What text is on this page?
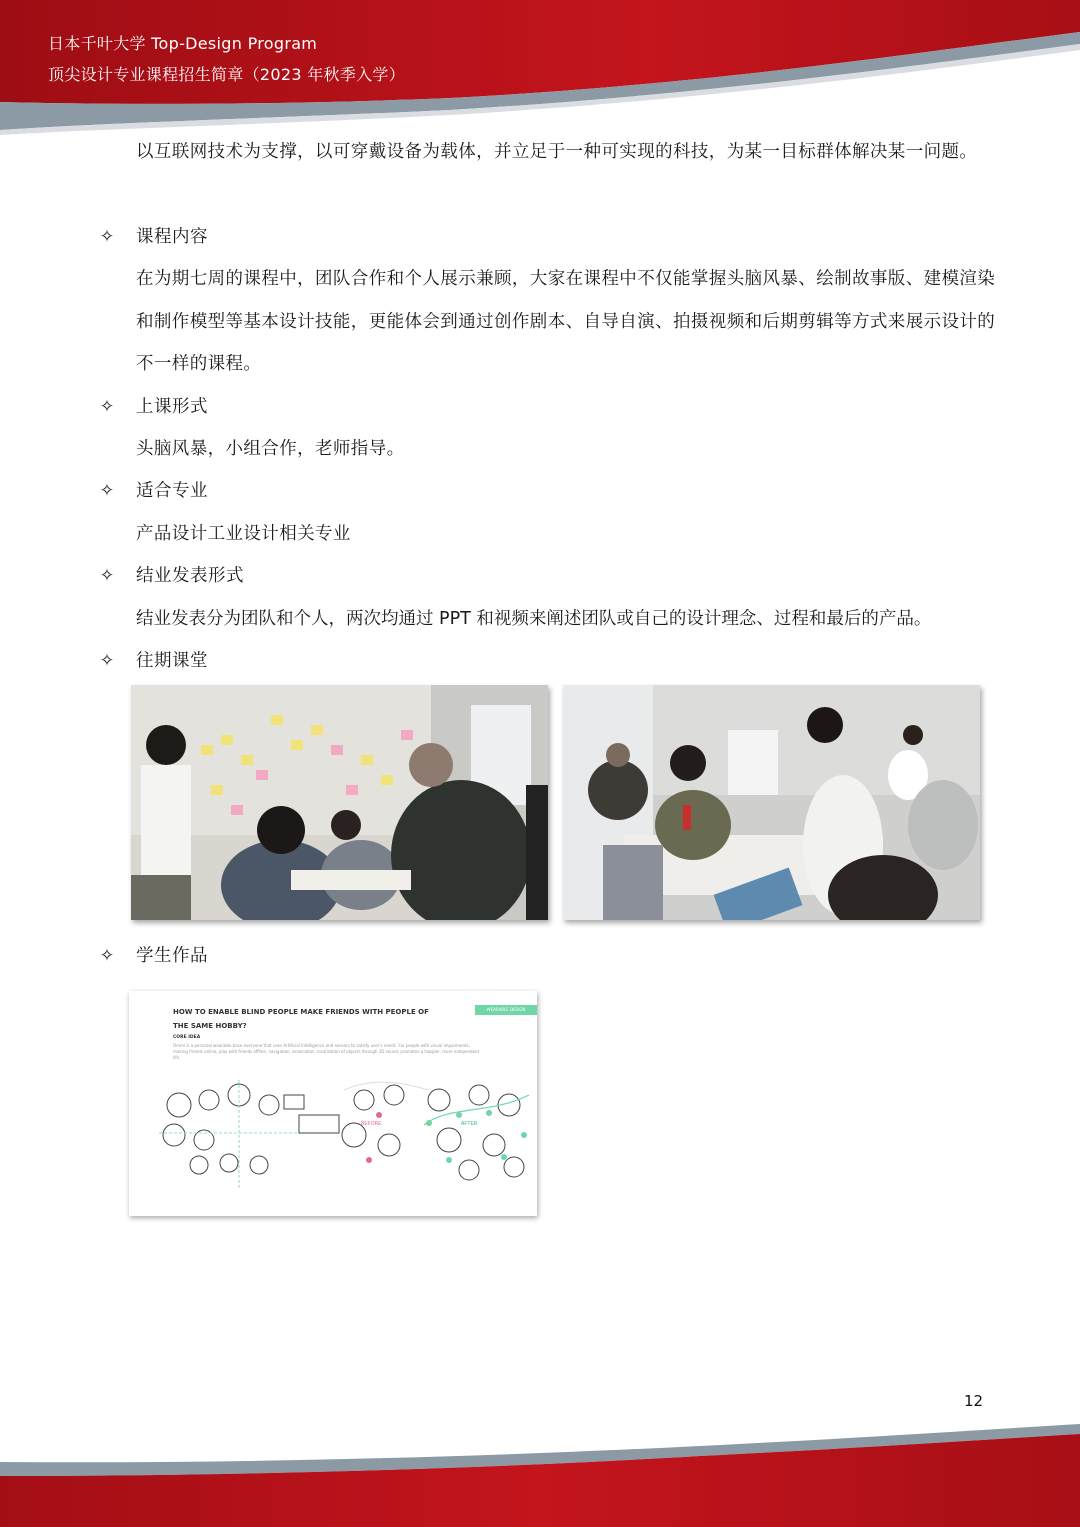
日本千叶大学 Top-Design Program
顶尖设计专业课程招生简章（2023 年秋季入学）

以互联网技术为支撑，以可穿戴设备为载体，并立足于一种可实现的科技，为某一目标群体解决某一问题。

✧ 课程内容

在为期七周的课程中，团队合作和个人展示兼顾，大家在课程中不仅能掌握头脑风暴、绘制故事版、建模渲染和制作模型等基本设计技能，更能体会到通过创作剧本、自导自演、拍摄视频和后期剪辑等方式来展示设计的不一样的课程。

✧ 上课形式

头脑风暴，小组合作，老师指导。

✧ 适合专业

产品设计工业设计相关专业

✧ 结业发表形式

结业发表分为团队和个人，两次均通过 PPT 和视频来阐述团队或自己的设计理念、过程和最后的产品。

✧ 往期课堂
✧ 学生作品
HOW TO ENABLE BLIND PEOPLE MAKE FRIENDS WITH PEOPLE OF THE SAME HOBBY?
WEARABLE DESIGN
CORE IDEA
Ommi is a personal wearable base everyone that uses Artificial Intelligence and sensors to satisfy user's needs. For people with visual impairments, making friends online, play with friends offline, navigation, association, localization of objects through 3D sound, promotes a happier, more independent life.
BEFORE	AFTER
12
